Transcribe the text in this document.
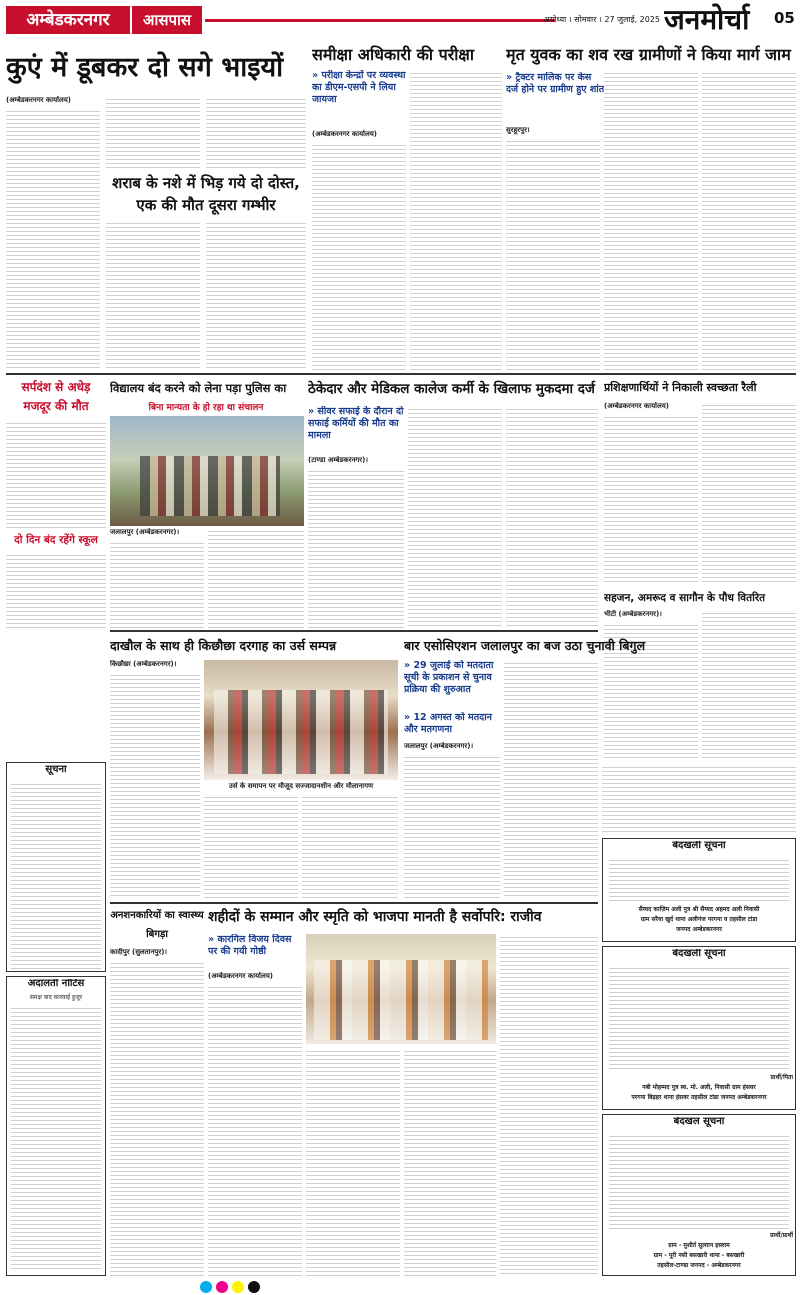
अम्बेडकरनगर	आसपास	अयोध्या । सोमवार । 27 जुलाई, 2025 जनमोर्चा	05
कुएं में डूबकर दो सगे भाइयों
(अम्बेडकरनगर कार्यालय)
शराब के नशे में भिड़ गये दो दोस्त, एक की मौत दूसरा गम्भीर
समीक्षा अधिकारी की परीक्षा
» परीक्षा केन्द्रों पर व्यवस्था का डीएम-एसपी ने लिया जायजा
(अम्बेडकरनगर कार्यालय)
मृत युवक का शव रख ग्रामीणों ने किया मार्ग जाम
» ट्रैक्टर मालिक पर केस दर्ज होने पर ग्रामीण हुए शांत
सुरहूरपुर।
सर्पदंश से अधेड़ मजदूर की मौत
दो दिन बंद रहेंगे स्कूल
विद्यालय बंद करने को लेना पड़ा पुलिस का
बिना मान्यता के हो रहा था संचालन
जलालपुर (अम्बेडकरनगर)।
ठेकेदार और मेडिकल कालेज कर्मी के खिलाफ मुकदमा दर्ज
» सीवर सफाई के दौरान दो सफाई कर्मियों की मौत का मामला
(टाण्डा अम्बेडकरनगर)।
प्रशिक्षणार्थियों ने निकाली स्वच्छता रैली
(अम्बेडकरनगर कार्यालय)
सहजन, अमरूद व सागौन के पौध वितरित
भीटी (अम्बेडकरनगर)।
दाखौल के साथ ही किछौछा दरगाह का उर्स सम्पन्न
किछौछा (अम्बेडकरनगर)।
उर्स के समापन पर मौजूद सज्जादानशीन और मौलानागण
बार एसोसिएशन जलालपुर का बज उठा चुनावी बिगुल
» 29 जुलाई को मतदाता सूची के प्रकाशन से चुनाव प्रक्रिया की शुरुआत
» 12 अगस्त को मतदान और मतगणना
जलालपुर (अम्बेडकरनगर)।
बेदखली सूचना
सैय्यद काज़िम अली पुत्र श्री सैय्यद अहमद अली निवासी
ग्राम सरैया खुर्द थाना अलीगंज परगना व तहसील टांडा
जनपद अम्बेडकरनगर
सूचना
अदालती नोटिस
समक्ष वाद कारवाई हुजूर
अनशनकारियों का स्वास्थ्य बिगड़ा
कादीपुर (सुलतानपुर)।
शहीदों के सम्मान और स्मृति को भाजपा मानती है सर्वोपरि: राजीव
» कारगिल विजय दिवस पर की गयी गोष्ठी
(अम्बेडकरनगर कार्यालय)
बेदखली सूचना
प्रार्थी/पिता
नबी मोहम्मद पुत्र स्व. मो. अली, निवासी ग्राम हंसवर
परगना बिड़हर थाना हंसवर तहसील टांडा जनपद अम्बेडकरनगर
बेदखल सूचना
प्रार्थी/प्रार्थी
ग्राम - मुशीर्त सुल्तान इस्लाम
ग्राम - पूरी नसी बसखारी थाना - बसखारी
तहसील-टाण्डा जनपद - अम्बेडकरनगर
